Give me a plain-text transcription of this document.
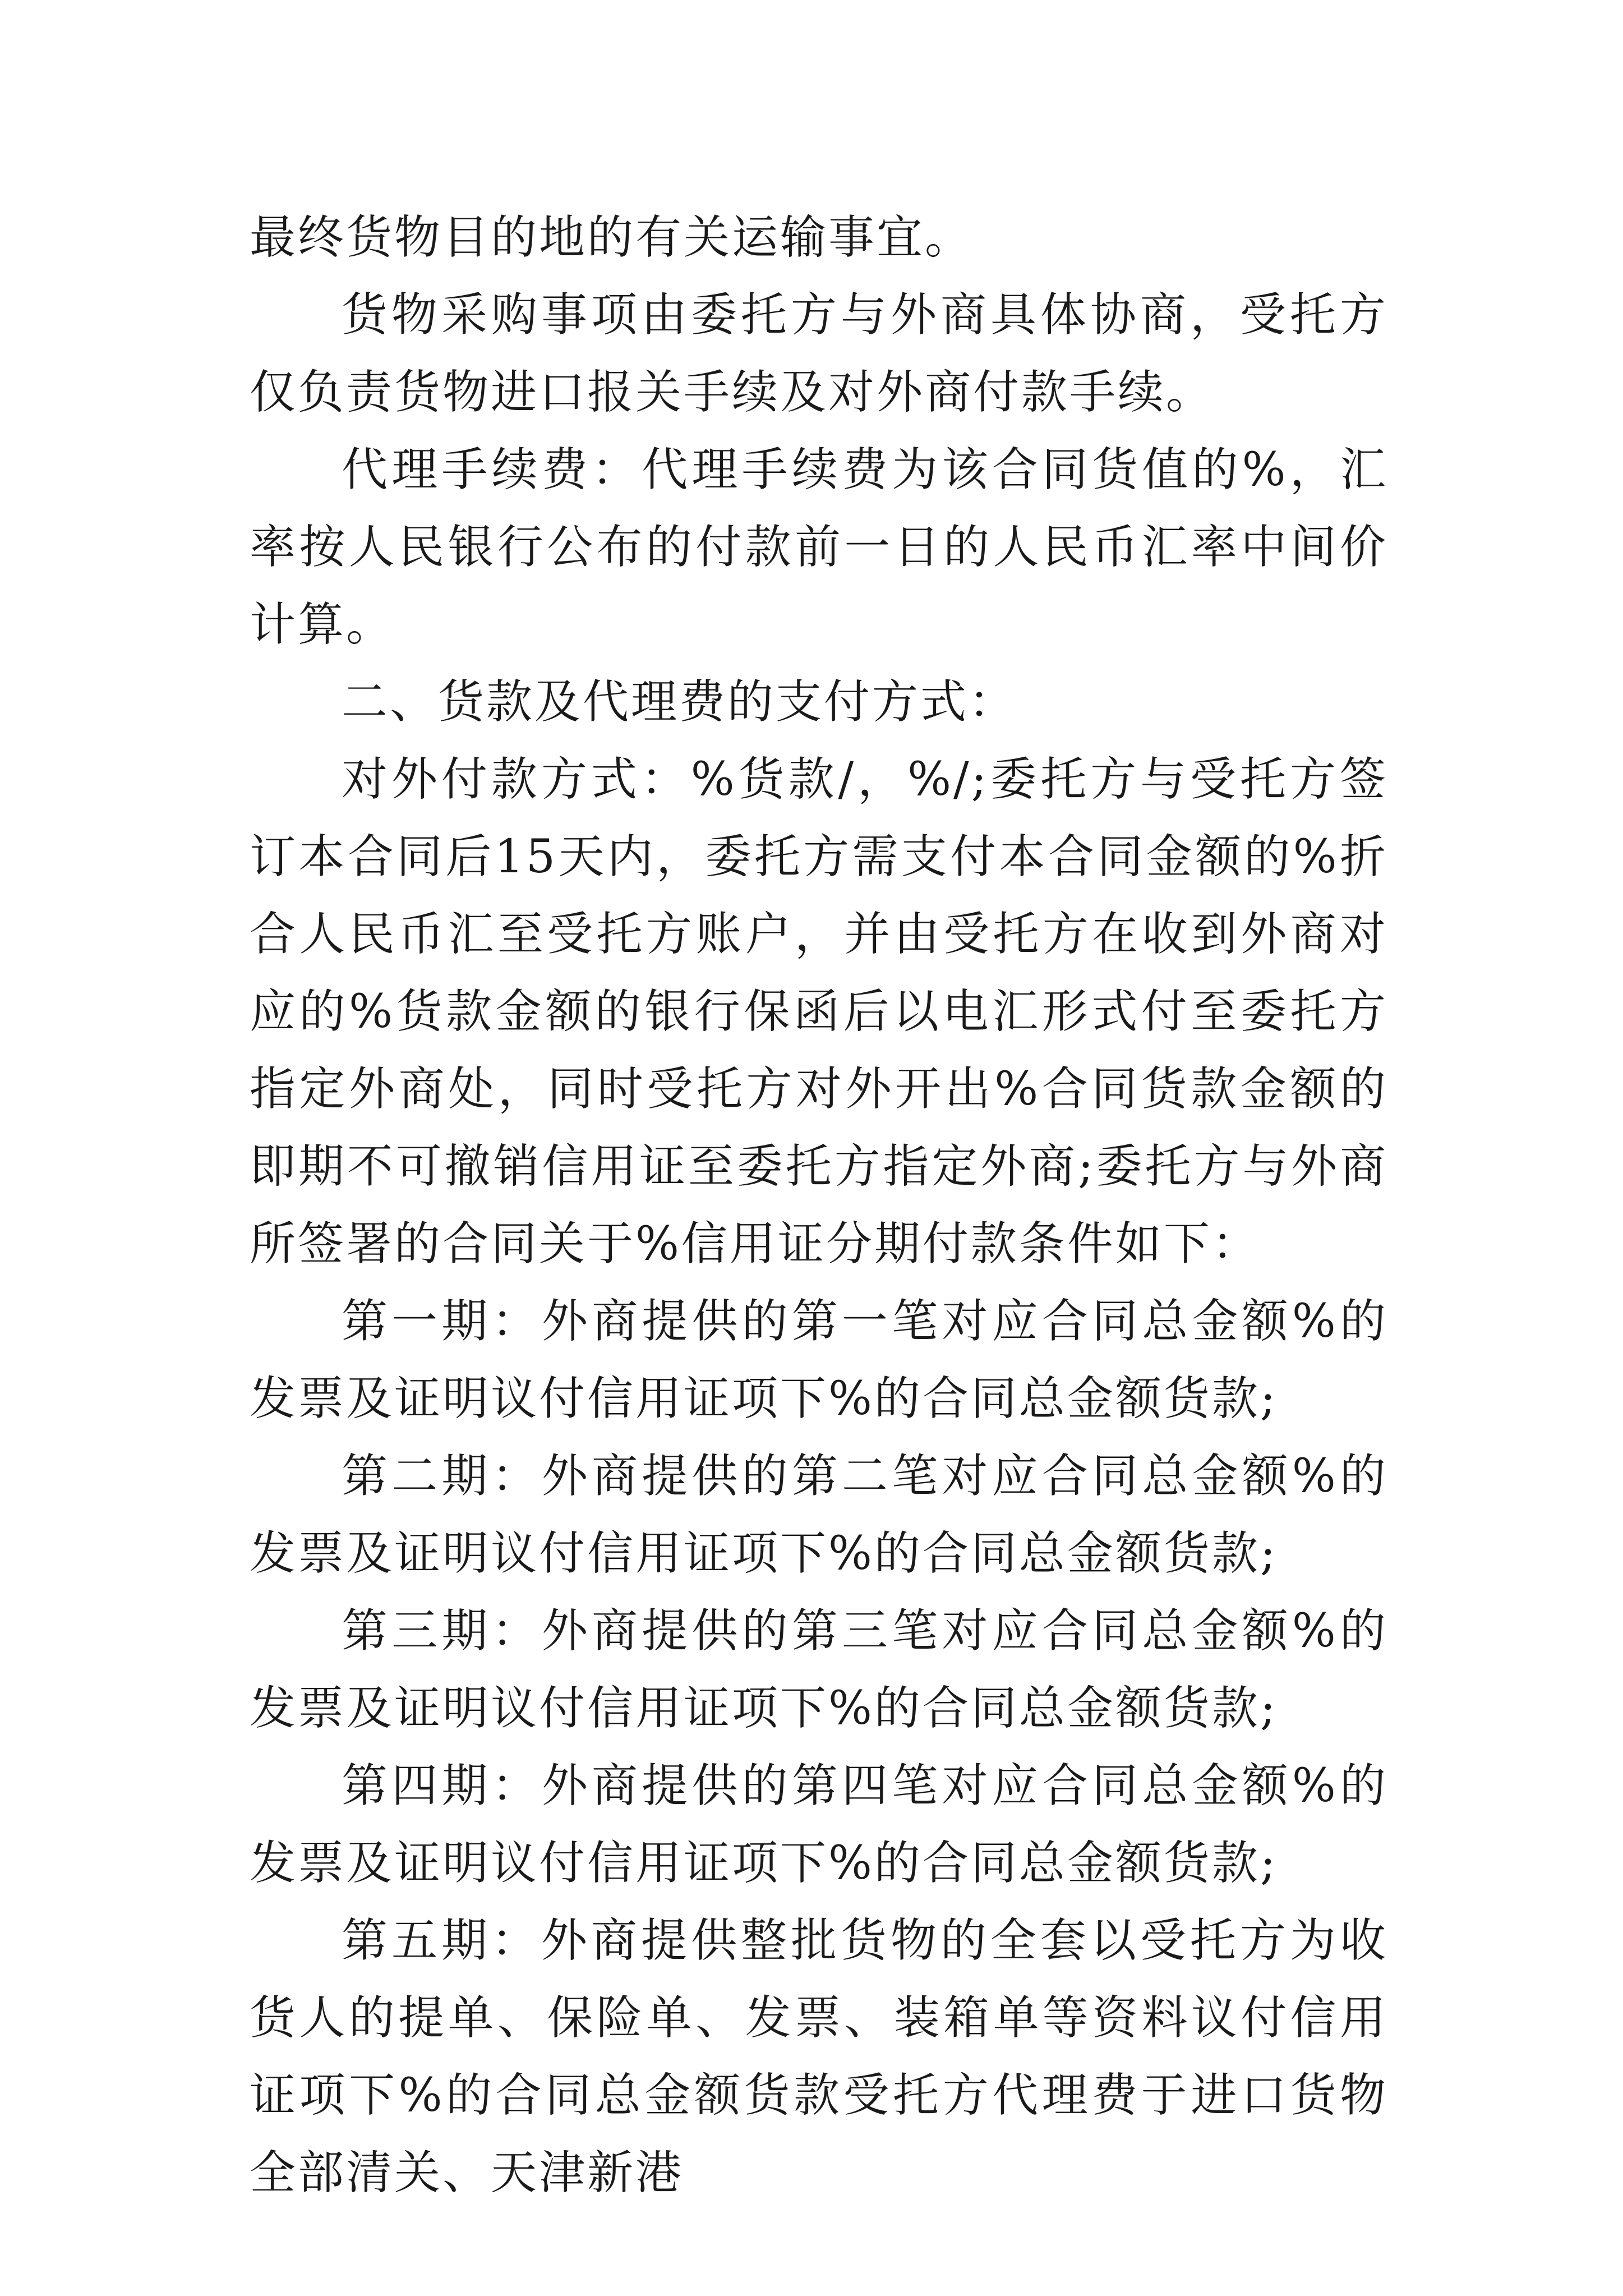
最终货物目的地的有关运输事宜。

货物采购事项由委托方与外商具体协商，受托方仅负责货物进口报关手续及对外商付款手续。

代理手续费：代理手续费为该合同货值的%，汇率按人民银行公布的付款前一日的人民币汇率中间价计算。

二、货款及代理费的支付方式：

对外付款方式：%货款/，%/;委托方与受托方签订本合同后15天内，委托方需支付本合同金额的%折合人民币汇至受托方账户，并由受托方在收到外商对应的%货款金额的银行保函后以电汇形式付至委托方指定外商处，同时受托方对外开出%合同货款金额的即期不可撤销信用证至委托方指定外商;委托方与外商所签署的合同关于%信用证分期付款条件如下：

第一期：外商提供的第一笔对应合同总金额%的发票及证明议付信用证项下%的合同总金额货款;

第二期：外商提供的第二笔对应合同总金额%的发票及证明议付信用证项下%的合同总金额货款;

第三期：外商提供的第三笔对应合同总金额%的发票及证明议付信用证项下%的合同总金额货款;

第四期：外商提供的第四笔对应合同总金额%的发票及证明议付信用证项下%的合同总金额货款;

第五期：外商提供整批货物的全套以受托方为收货人的提单、保险单、发票、装箱单等资料议付信用证项下%的合同总金额货款受托方代理费于进口货物全部清关、天津新港
